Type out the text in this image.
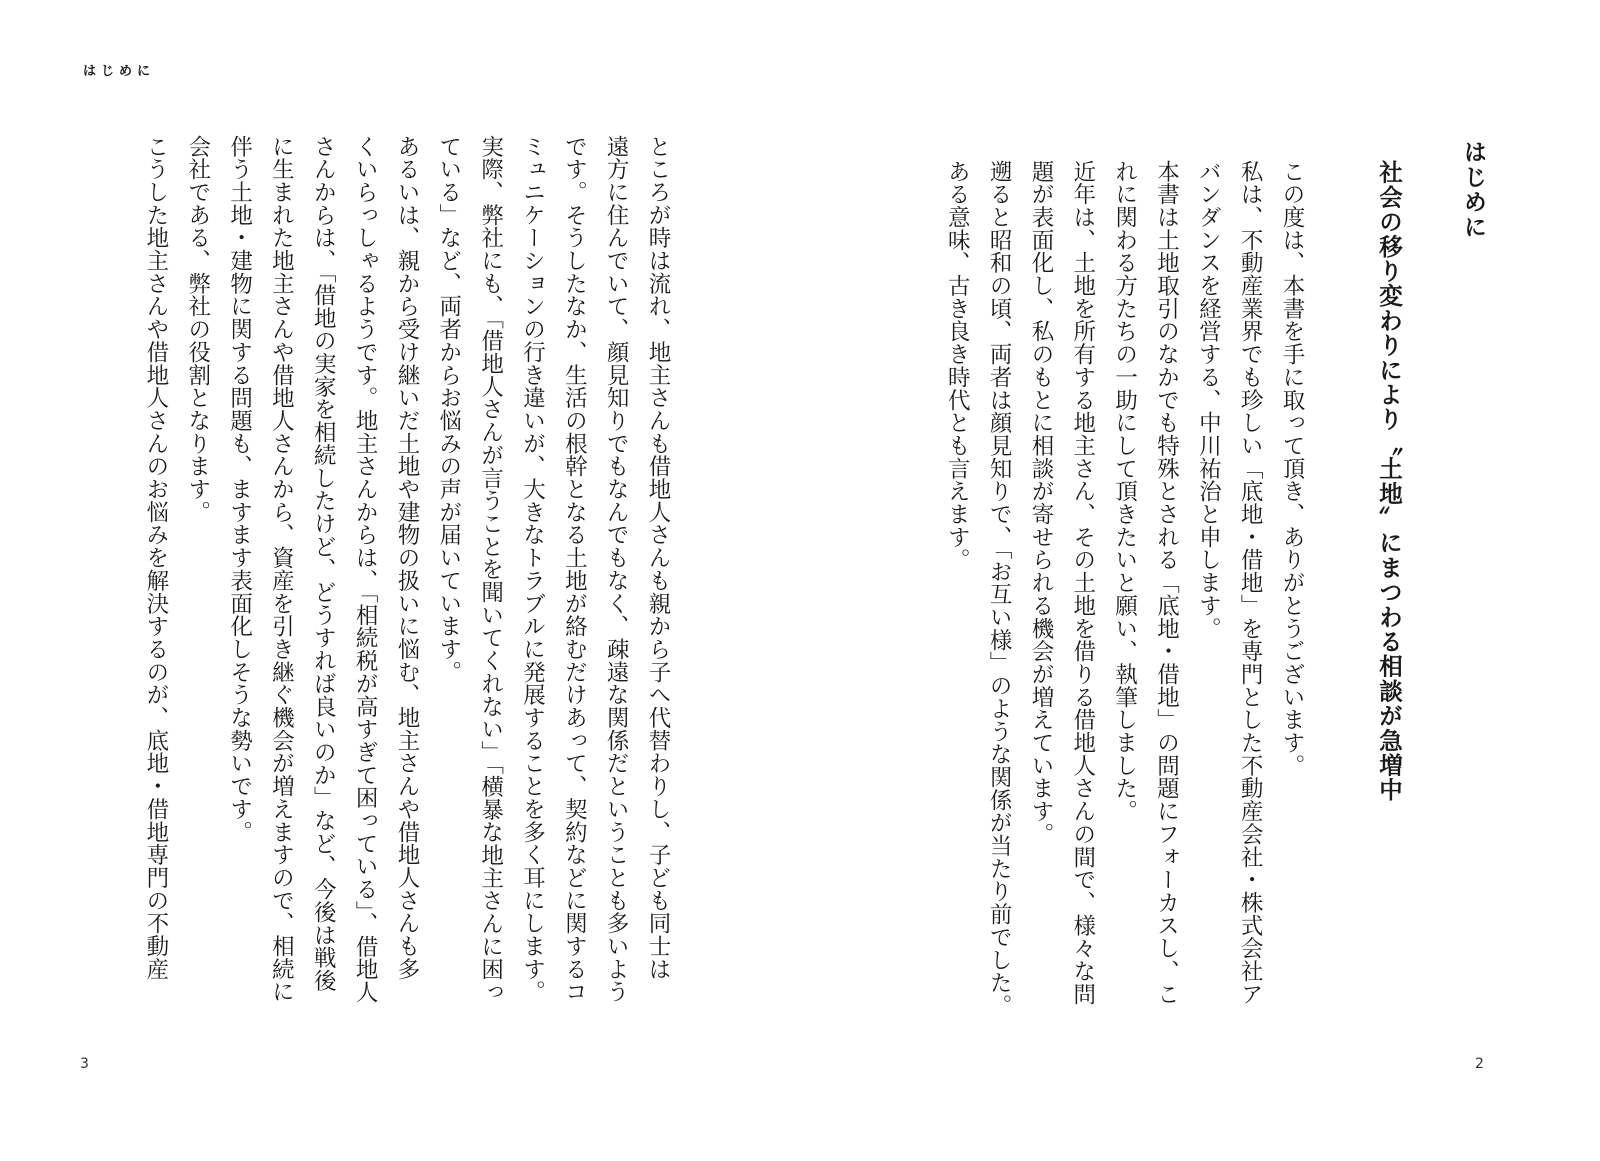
はじめに
はじめに
社会の移り変わりにより〝土地〟にまつわる相談が急増中
この度は、本書を手に取って頂き、ありがとうございます。
私は、不動産業界でも珍しい「底地・借地」を専門とした不動産会社・株式会社ア
バンダンスを経営する、中川祐治と申します。
本書は土地取引のなかでも特殊とされる「底地・借地」の問題にフォーカスし、こ
れに関わる方たちの一助にして頂きたいと願い、執筆しました。
近年は、土地を所有する地主さん、その土地を借りる借地人さんの間で、様々な問
題が表面化し、私のもとに相談が寄せられる機会が増えています。
遡ると昭和の頃、両者は顔見知りで、「お互い様」のような関係が当たり前でした。
ある意味、古き良き時代とも言えます。
2
ところが時は流れ、地主さんも借地人さんも親から子へ代替わりし、子ども同士は
遠方に住んでいて、顔見知りでもなんでもなく、疎遠な関係だということも多いよう
です。そうしたなか、生活の根幹となる土地が絡むだけあって、契約などに関するコ
ミュニケーションの行き違いが、大きなトラブルに発展することを多く耳にします。
実際、弊社にも、「借地人さんが言うことを聞いてくれない」「横暴な地主さんに困っ
ている」など、両者からお悩みの声が届いています。
あるいは、親から受け継いだ土地や建物の扱いに悩む、地主さんや借地人さんも多
くいらっしゃるようです。地主さんからは、「相続税が高すぎて困っている」、借地人
さんからは、「借地の実家を相続したけど、どうすれば良いのか」など、今後は戦後
に生まれた地主さんや借地人さんから、資産を引き継ぐ機会が増えますので、相続に
伴う土地・建物に関する問題も、ますます表面化しそうな勢いです。
会社である、弊社の役割となります。
こうした地主さんや借地人さんのお悩みを解決するのが、底地・借地専門の不動産
3
